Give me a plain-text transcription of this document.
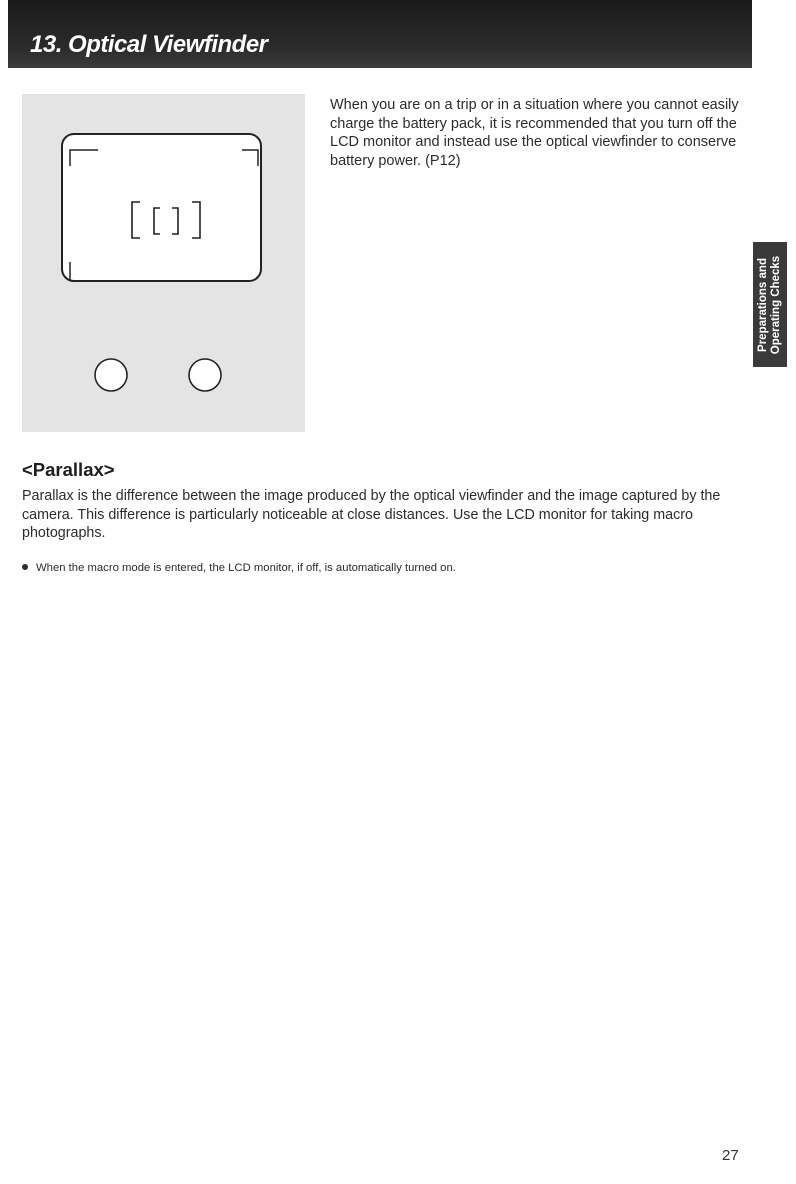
13. Optical Viewfinder
When you are on a trip or in a situation where you cannot easily charge the battery pack, it is recommended that you turn off the LCD monitor and instead use the optical viewfinder to conserve battery power. (P12)
Preparations and Operating Checks
<Parallax>
Parallax is the difference between the image produced by the optical viewfinder and the image captured by the camera. This difference is particularly noticeable at close distances. Use the LCD monitor for taking macro photographs.
When the macro mode is entered, the LCD monitor, if off, is automatically turned on.
27
